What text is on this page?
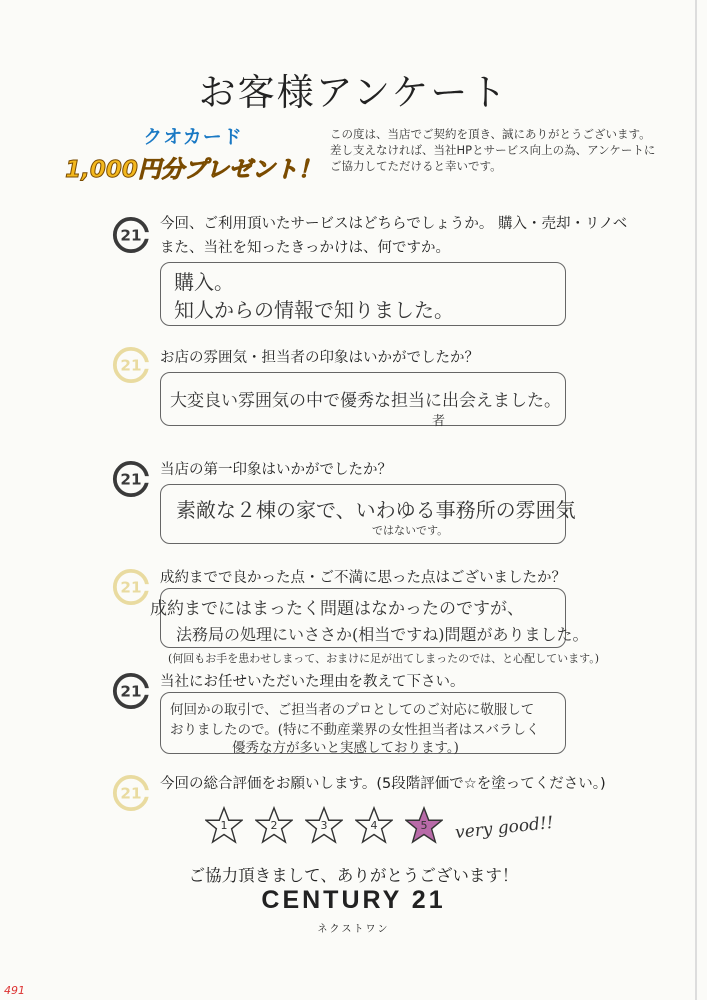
お客様アンケート
クオカード
1,000円分プレゼント！
この度は、当店でご契約を頂き、誠にありがとうございます。
差し支えなければ、当社HPとサービス向上の為、アンケートに
ご協力してただけると幸いです。
21
今回、ご利用頂いたサービスはどちらでしょうか。 購入・売却・リノベ
また、当社を知ったきっかけは、何ですか。
購入。
知人からの情報で知りました。
21 お店の雰囲気・担当者の印象はいかがでしたか？
大変良い雰囲気の中で優秀な担当に出会えました。
者
21
当店の第一印象はいかがでしたか？
素敵な２棟の家で、いわゆる事務所の雰囲気
ではないです。
21
成約までで良かった点・ご不満に思った点はございましたか？
成約までにはまったく問題はなかったのですが、
法務局の処理にいささか(相当ですね)問題がありました。
(何回もお手を患わせしまって、おまけに足が出てしまったのでは、と心配しています。)
21
当社にお任せいただいた理由を教えて下さい。
何回かの取引で、ご担当者のプロとしてのご対応に敬服して
おりましたので。(特に不動産業界の女性担当者はスバラしく
優秀な方が多いと実感しております。)
21
今回の総合評価をお願いします。(5段階評価で☆を塗ってください。)
1	2	3	4	5	very good!!
ご協力頂きまして、ありがとうございます！
CENTURY 21
ネクストワン
491
